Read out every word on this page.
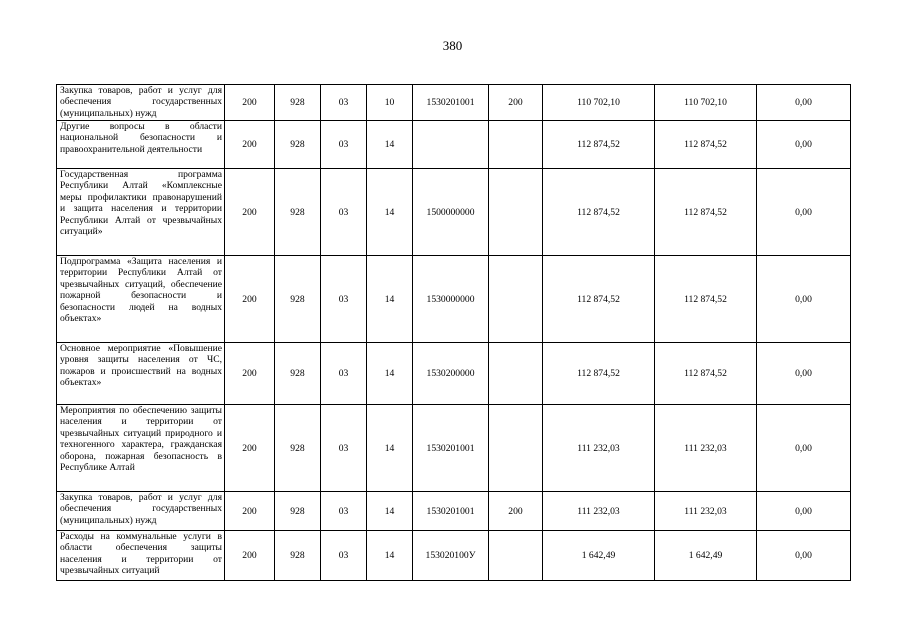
380
Закупка товаров, работ и услуг для обеспечения государственных (муниципальных) нужд	200	928	03	10	1530201001	200	110 702,10	110 702,10	0,00

Другие вопросы в области национальной безопасности и правоохранительной деятельности	200	928	03	14			112 874,52	112 874,52	0,00

Государственная программа Республики Алтай «Комплексные меры профилактики правонарушений и защита населения и территории Республики Алтай от чрезвычайных ситуаций»	200	928	03	14	1500000000		112 874,52	112 874,52	0,00

Подпрограмма «Защита населения и территории Республики Алтай от чрезвычайных ситуаций, обеспечение пожарной безопасности и безопасности людей на водных объектах»	200	928	03	14	1530000000		112 874,52	112 874,52	0,00

Основное мероприятие «Повышение уровня защиты населения от ЧС, пожаров и происшествий на водных объектах»	200	928	03	14	1530200000		112 874,52	112 874,52	0,00

Мероприятия по обеспечению защиты населения и территории от чрезвычайных ситуаций природного и техногенного характера, гражданская оборона, пожарная безопасность в Республике Алтай	200	928	03	14	1530201001		111 232,03	111 232,03	0,00

Закупка товаров, работ и услуг для обеспечения государственных (муниципальных) нужд	200	928	03	14	1530201001	200	111 232,03	111 232,03	0,00

Расходы на коммунальные услуги в области обеспечения защиты населения и территории от чрезвычайных ситуаций	200	928	03	14	153020100У		1 642,49	1 642,49	0,00
